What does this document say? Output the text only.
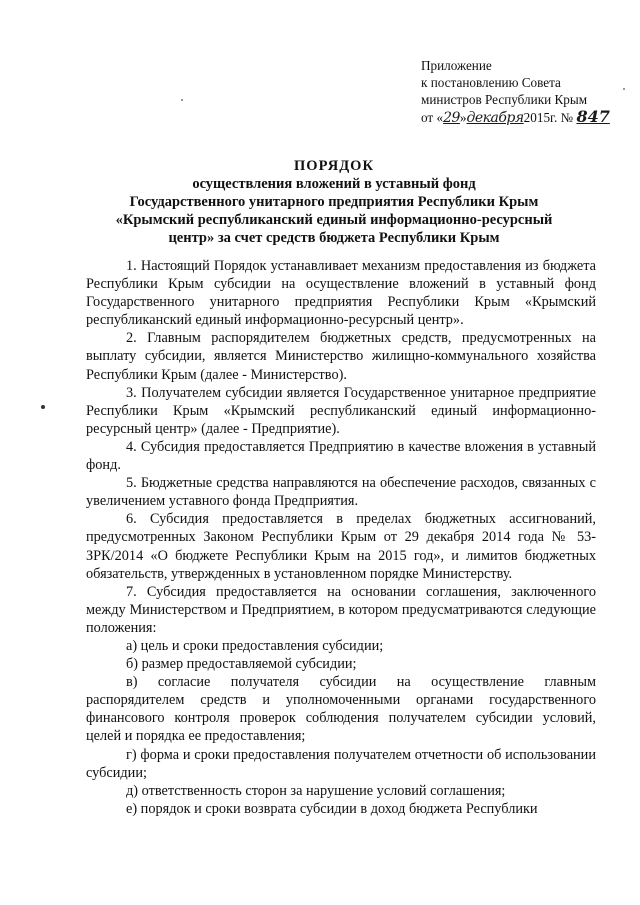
Приложение
к постановлению Совета
министров Республики Крым
от «29»декабря2015г. № 847
ПОРЯДОК
осуществления вложений в уставный фонд
Государственного унитарного предприятия Республики Крым
«Крымский республиканский единый информационно-ресурсный
центр» за счет средств бюджета Республики Крым

1. Настоящий Порядок устанавливает механизм предоставления из бюджета Республики Крым субсидии на осуществление вложений в уставный фонд Государственного унитарного предприятия Республики Крым «Крымский республиканский единый информационно-ресурсный центр».

2. Главным распорядителем бюджетных средств, предусмотренных на выплату субсидии, является Министерство жилищно-коммунального хозяйства Республики Крым (далее - Министерство).

3. Получателем субсидии является Государственное унитарное предприятие Республики Крым «Крымский республиканский единый информационно-ресурсный центр» (далее - Предприятие).

4. Субсидия предоставляется Предприятию в качестве вложения в уставный фонд.

5. Бюджетные средства направляются на обеспечение расходов, связанных с увеличением уставного фонда Предприятия.

6. Субсидия предоставляется в пределах бюджетных ассигнований, предусмотренных Законом Республики Крым от 29 декабря 2014 года № 53-ЗРК/2014 «О бюджете Республики Крым на 2015 год», и лимитов бюджетных обязательств, утвержденных в установленном порядке Министерству.

7. Субсидия предоставляется на основании соглашения, заключенного между Министерством и Предприятием, в котором предусматриваются следующие положения:

а) цель и сроки предоставления субсидии;

б) размер предоставляемой субсидии;

в) согласие получателя субсидии на осуществление главным распорядителем средств и уполномоченными органами государственного финансового контроля проверок соблюдения получателем субсидии условий, целей и порядка ее предоставления;

г) форма и сроки предоставления получателем отчетности об использовании субсидии;

д) ответственность сторон за нарушение условий соглашения;

е) порядок и сроки возврата субсидии в доход бюджета Республики
